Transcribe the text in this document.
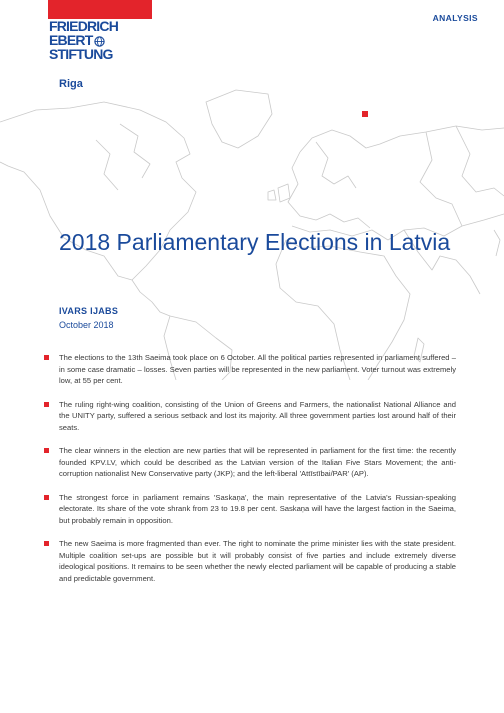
FRIEDRICH
EBERT
STIFTUNG
Riga
ANALYSIS
2018 Parliamentary Elections in Latvia
IVARS IJABS
October 2018
The elections to the 13th Saeima took place on 6 October. All the political parties represented in parliament suffered – in some case dramatic – losses. Seven parties will be represented in the new parliament. Voter turnout was extremely low, at 55 per cent.
The ruling right-wing coalition, consisting of the Union of Greens and Farmers, the nationalist National Alliance and the UNITY party, suffered a serious setback and lost its majority. All three government parties lost around half of their seats.
The clear winners in the election are new parties that will be represented in parliament for the first time: the recently founded KPV.LV, which could be described as the Latvian version of the Italian Five Stars Movement; the anti-corruption nationalist New Conservative party (JKP); and the left-liberal 'Attīstībai/PAR' (AP).
The strongest force in parliament remains 'Saskaņa', the main representative of the Latvia's Russian-speaking electorate. Its share of the vote shrank from 23 to 19.8 per cent. Saskaņa will have the largest faction in the Saeima, but probably remain in opposition.
The new Saeima is more fragmented than ever. The right to nominate the prime minister lies with the state president. Multiple coalition set-ups are possible but it will probably consist of five parties and include extremely diverse ideological positions. It remains to be seen whether the newly elected parliament will be capable of producing a stable and predictable government.
